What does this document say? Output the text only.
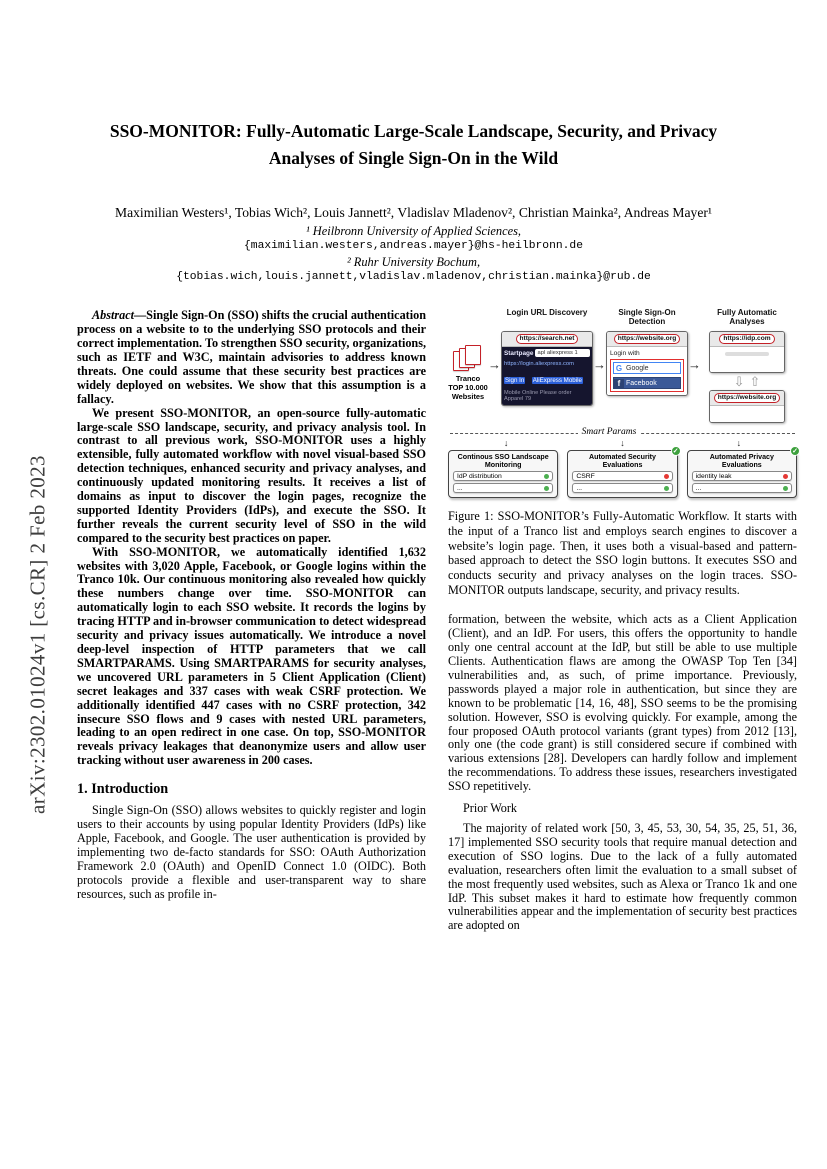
arXiv:2302.01024v1 [cs.CR] 2 Feb 2023
SSO-MONITOR: Fully-Automatic Large-Scale Landscape, Security, and Privacy
Analyses of Single Sign-On in the Wild
Maximilian Westers¹, Tobias Wich², Louis Jannett², Vladislav Mladenov², Christian Mainka², Andreas Mayer¹
¹ Heilbronn University of Applied Sciences,
{maximilian.westers,andreas.mayer}@hs-heilbronn.de
² Ruhr University Bochum,
{tobias.wich,louis.jannett,vladislav.mladenov,christian.mainka}@rub.de

Abstract—Single Sign-On (SSO) shifts the crucial authentication process on a website to to the underlying SSO protocols and their correct implementation. To strengthen SSO security, organizations, such as IETF and W3C, maintain advisories to address known threats. One could assume that these security best practices are widely deployed on websites. We show that this assumption is a fallacy.

We present SSO-MONITOR, an open-source fully-automatic large-scale SSO landscape, security, and privacy analysis tool. In contrast to all previous work, SSO-MONITOR uses a highly extensible, fully automated workflow with novel visual-based SSO detection techniques, enhanced security and privacy analyses, and continuously updated monitoring results. It receives a list of domains as input to discover the login pages, recognize the supported Identity Providers (IdPs), and execute the SSO. It further reveals the current security level of SSO in the wild compared to the security best practices on paper.

With SSO-MONITOR, we automatically identified 1,632 websites with 3,020 Apple, Facebook, or Google logins within the Tranco 10k. Our continuous monitoring also revealed how quickly these numbers change over time. SSO-MONITOR can automatically login to each SSO website. It records the logins by tracing HTTP and in-browser communication to detect widespread security and privacy issues automatically. We introduce a novel deep-level inspection of HTTP parameters that we call SMARTPARAMS. Using SMARTPARAMS for security analyses, we uncovered URL parameters in 5 Client Application (Client) secret leakages and 337 cases with weak CSRF protection. We additionally identified 447 cases with no CSRF protection, 342 insecure SSO flows and 9 cases with nested URL parameters, leading to an open redirect in one case. On top, SSO-MONITOR reveals privacy leakages that deanonymize users and allow user tracking without user awareness in 200 cases.

1. Introduction

Single Sign-On (SSO) allows websites to quickly register and login users to their accounts by using popular Identity Providers (IdPs) like Apple, Facebook, and Google. The user authentication is provided by implementing two de-facto standards for SSO: OAuth Authorization Framework 2.0 (OAuth) and OpenID Connect 1.0 (OIDC). Both protocols provide a flexible and user-transparent way to share resources, such as profile in-

Login URL Discovery	Single Sign-On Detection
Fully Automatic Analyses
Tranco TOP 10.000 Websites
→
https://search.net
Startpage apl aliexpress 1
https://login.aliexpress.com
Sign In AliExpress Mobile
Mobile Online Please order Apparel 79
→
https://website.org
Login with
G Google
f Facebook
→
https://idp.com
⇩ ⇧
https://website.org
Smart Params
↓	↓	↓
Continous SSO Landscape Monitoring
IdP distribution
...
✓
Automated Security Evaluations
CSRF
...
✓
Automated Privacy Evaluations
identity leak
...
Figure 1: SSO-MONITOR’s Fully-Automatic Workflow. It starts with the input of a Tranco list and employs search engines to discover a website’s login page. Then, it uses both a visual-based and pattern-based approach to detect the SSO login buttons. It executes SSO and conducts security and privacy analyses on the login traces. SSO-MONITOR outputs landscape, security, and privacy results.

formation, between the website, which acts as a Client Application (Client), and an IdP. For users, this offers the opportunity to handle only one central account at the IdP, but still be able to use multiple Clients. Authentication flaws are among the OWASP Top Ten [34] vulnerabilities and, as such, of prime importance. Previously, passwords played a major role in authentication, but since they are known to be problematic [14, 16, 48], SSO seems to be the promising solution. However, SSO is evolving quickly. For example, among the four proposed OAuth protocol variants (grant types) from 2012 [13], only one (the code grant) is still considered secure if combined with various extensions [28]. Developers can hardly follow and implement the recommendations. To address these issues, researchers investigated SSO repetitively.

Prior Work

The majority of related work [50, 3, 45, 53, 30, 54, 35, 25, 51, 36, 17] implemented SSO security tools that require manual detection and execution of SSO logins. Due to the lack of a fully automated evaluation, researchers often limit the evaluation to a small subset of the most frequently used websites, such as Alexa or Tranco 1k and one IdP. This subset makes it hard to estimate how frequently common vulnerabilities appear and the implementation of security best practices are adopted on
